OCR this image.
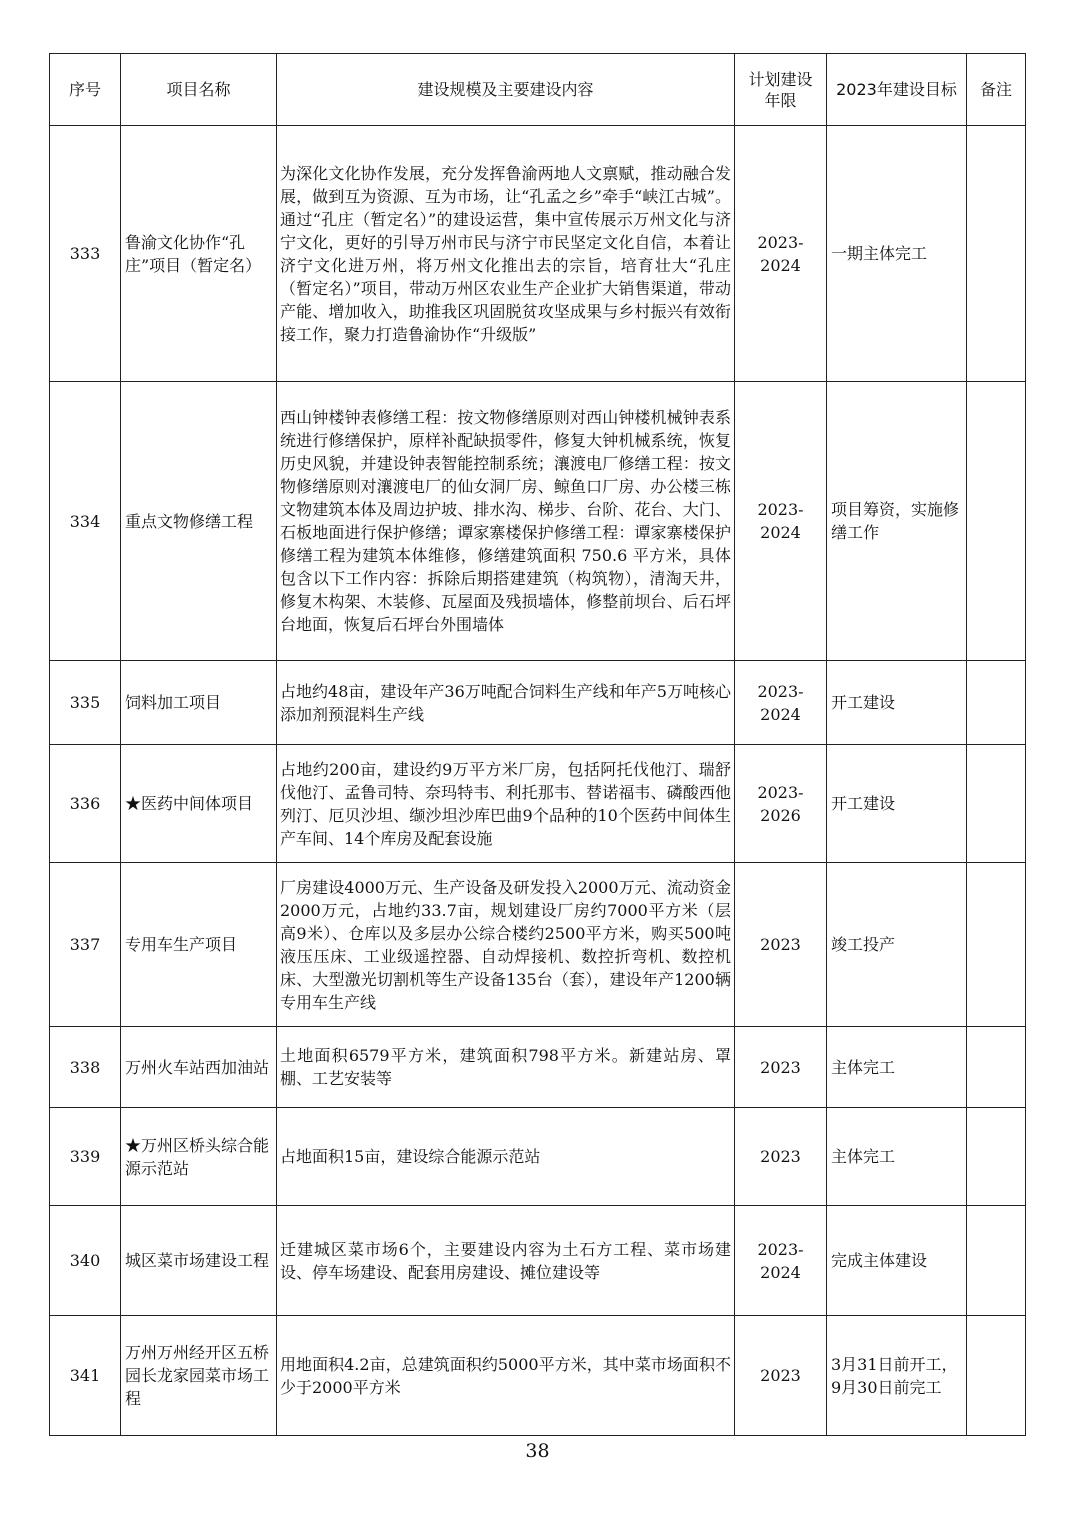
序号	项目名称	建设规模及主要建设内容	计划建设年限	2023年建设目标	备注
333	鲁渝文化协作“孔庄”项目（暂定名）	为深化文化协作发展，充分发挥鲁渝两地人文禀赋，推动融合发展，做到互为资源、互为市场，让“孔孟之乡”牵手“峡江古城”。通过“孔庄（暂定名）”的建设运营，集中宣传展示万州文化与济宁文化，更好的引导万州市民与济宁市民坚定文化自信，本着让济宁文化进万州，将万州文化推出去的宗旨，培育壮大“孔庄（暂定名）”项目，带动万州区农业生产企业扩大销售渠道，带动产能、增加收入，助推我区巩固脱贫攻坚成果与乡村振兴有效衔接工作，聚力打造鲁渝协作“升级版”	2023-2024	一期主体完工	
334	重点文物修缮工程	西山钟楼钟表修缮工程：按文物修缮原则对西山钟楼机械钟表系统进行修缮保护，原样补配缺损零件，修复大钟机械系统，恢复历史风貌，并建设钟表智能控制系统；瀼渡电厂修缮工程：按文物修缮原则对瀼渡电厂的仙女洞厂房、鲸鱼口厂房、办公楼三栋文物建筑本体及周边护坡、排水沟、梯步、台阶、花台、大门、石板地面进行保护修缮；谭家寨楼保护修缮工程：谭家寨楼保护修缮工程为建筑本体维修，修缮建筑面积 750.6 平方米，具体包含以下工作内容：拆除后期搭建建筑（构筑物），清淘天井，修复木构架、木装修、瓦屋面及残损墙体，修整前坝台、后石坪台地面，恢复后石坪台外围墙体	2023-2024	项目筹资，实施修缮工作	
335	饲料加工项目	占地约48亩，建设年产36万吨配合饲料生产线和年产5万吨核心添加剂预混料生产线	2023-2024	开工建设	
336	★医药中间体项目	占地约200亩，建设约9万平方米厂房，包括阿托伐他汀、瑞舒伐他汀、孟鲁司特、奈玛特韦、利托那韦、替诺福韦、磷酸西他列汀、厄贝沙坦、缬沙坦沙库巴曲9个品种的10个医药中间体生产车间、14个库房及配套设施	2023-2026	开工建设	
337	专用车生产项目	厂房建设4000万元、生产设备及研发投入2000万元、流动资金2000万元，占地约33.7亩，规划建设厂房约7000平方米（层高9米）、仓库以及多层办公综合楼约2500平方米，购买500吨液压压床、工业级遥控器、自动焊接机、数控折弯机、数控机床、大型激光切割机等生产设备135台（套），建设年产1200辆专用车生产线	2023	竣工投产	
338	万州火车站西加油站	土地面积6579平方米，建筑面积798平方米。新建站房、罩棚、工艺安装等	2023	主体完工	
339	★万州区桥头综合能源示范站	占地面积15亩，建设综合能源示范站	2023	主体完工	
340	城区菜市场建设工程	迁建城区菜市场6个，主要建设内容为土石方工程、菜市场建设、停车场建设、配套用房建设、摊位建设等	2023-2024	完成主体建设	
341	万州万州经开区五桥园长龙家园菜市场工程	用地面积4.2亩，总建筑面积约5000平方米，其中菜市场面积不少于2000平方米	2023	3月31日前开工，9月30日前完工	
38
